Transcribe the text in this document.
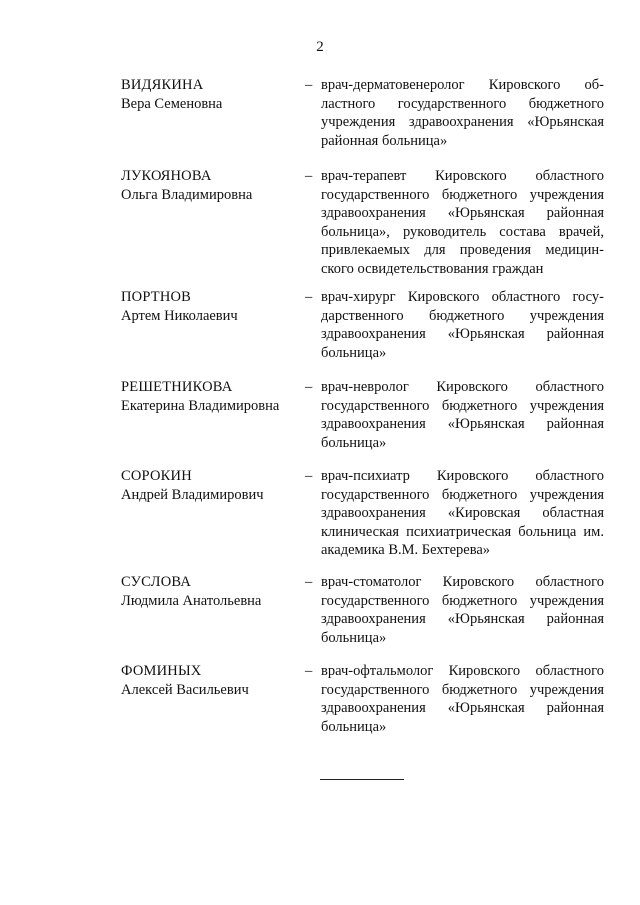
2
ВИДЯКИНА
Вера Семеновна
– врач-дерматовенеролог Кировского об-ластного государственного бюджетного учреждения здравоохранения «Юрьянская районная больница»
ЛУКОЯНОВА
Ольга Владимировна
– врач-терапевт Кировского областного государственного бюджетного учреждения здравоохранения «Юрьянская районная больница», руководитель состава врачей, привлекаемых для проведения медицин-ского освидетельствования граждан
ПОРТНОВ
Артем Николаевич
– врач-хирург Кировского областного госу-дарственного бюджетного учреждения здравоохранения «Юрьянская районная больница»
РЕШЕТНИКОВА
Екатерина Владимировна
– врач-невролог Кировского областного государственного бюджетного учреждения здравоохранения «Юрьянская районная больница»
СОРОКИН
Андрей Владимирович
– врач-психиатр Кировского областного государственного бюджетного учреждения здравоохранения «Кировская областная клиническая психиатрическая больница им. академика В.М. Бехтерева»
СУСЛОВА
Людмила Анатольевна
– врач-стоматолог Кировского областного государственного бюджетного учреждения здравоохранения «Юрьянская районная больница»
ФОМИНЫХ
Алексей Васильевич
– врач-офтальмолог Кировского областного государственного бюджетного учреждения здравоохранения «Юрьянская районная больница»
